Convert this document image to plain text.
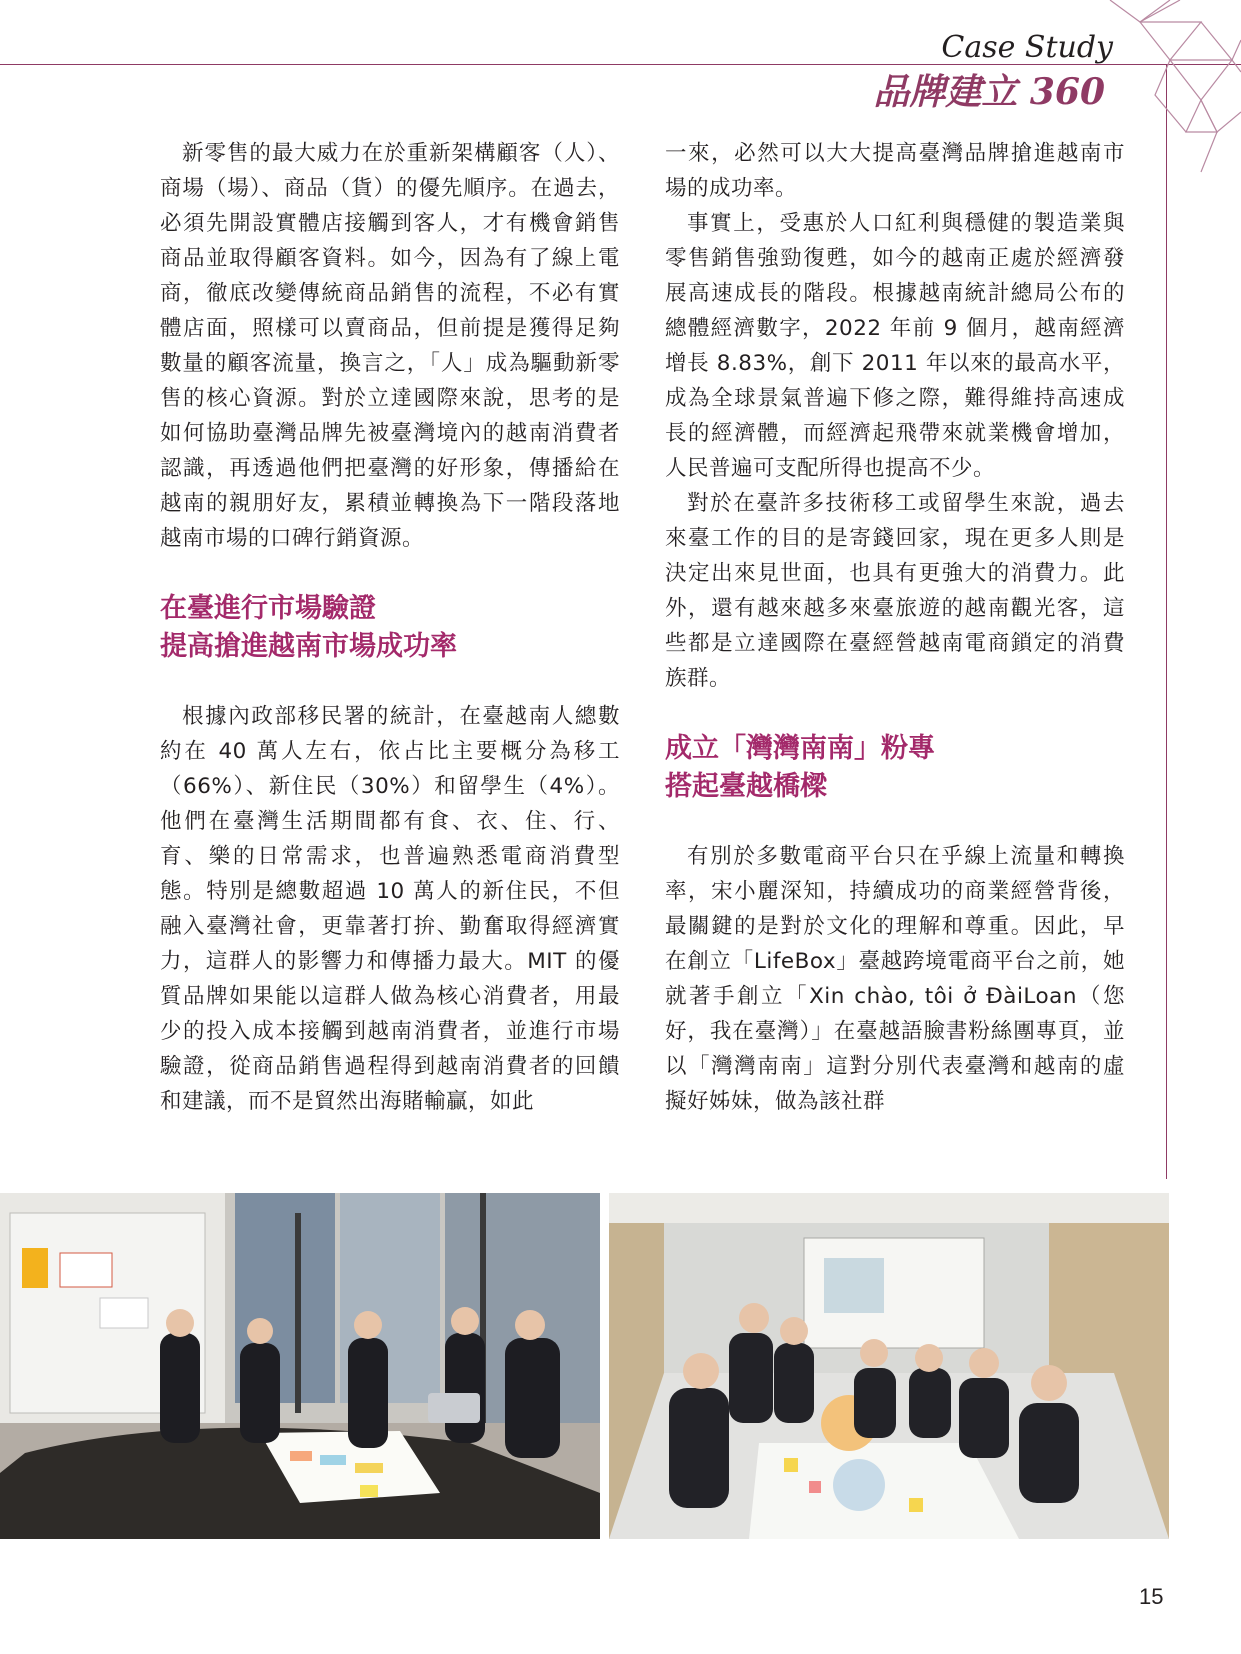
Case Study
品牌建立 360

新零售的最大威力在於重新架構顧客（人）、商場（場）、商品（貨）的優先順序。在過去，必須先開設實體店接觸到客人，才有機會銷售商品並取得顧客資料。如今，因為有了線上電商，徹底改變傳統商品銷售的流程，不必有實體店面，照樣可以賣商品，但前提是獲得足夠數量的顧客流量，換言之，「人」成為驅動新零售的核心資源。對於立達國際來說，思考的是如何協助臺灣品牌先被臺灣境內的越南消費者認識，再透過他們把臺灣的好形象，傳播給在越南的親朋好友，累積並轉換為下一階段落地越南市場的口碑行銷資源。

在臺進行市場驗證
提高搶進越南市場成功率

根據內政部移民署的統計，在臺越南人總數約在 40 萬人左右，依占比主要概分為移工（66%）、新住民（30%）和留學生（4%）。他們在臺灣生活期間都有食、衣、住、行、育、樂的日常需求，也普遍熟悉電商消費型態。特別是總數超過 10 萬人的新住民，不但融入臺灣社會，更靠著打拚、勤奮取得經濟實力，這群人的影響力和傳播力最大。MIT 的優質品牌如果能以這群人做為核心消費者，用最少的投入成本接觸到越南消費者，並進行市場驗證，從商品銷售過程得到越南消費者的回饋和建議，而不是貿然出海賭輸贏，如此

一來，必然可以大大提高臺灣品牌搶進越南市場的成功率。

事實上，受惠於人口紅利與穩健的製造業與零售銷售強勁復甦，如今的越南正處於經濟發展高速成長的階段。根據越南統計總局公布的總體經濟數字，2022 年前 9 個月，越南經濟增長 8.83%，創下 2011 年以來的最高水平，成為全球景氣普遍下修之際，難得維持高速成長的經濟體，而經濟起飛帶來就業機會增加，人民普遍可支配所得也提高不少。

對於在臺許多技術移工或留學生來說，過去來臺工作的目的是寄錢回家，現在更多人則是決定出來見世面，也具有更強大的消費力。此外，還有越來越多來臺旅遊的越南觀光客，這些都是立達國際在臺經營越南電商鎖定的消費族群。

成立「灣灣南南」粉專
搭起臺越橋樑

有別於多數電商平台只在乎線上流量和轉換率，宋小麗深知，持續成功的商業經營背後，最關鍵的是對於文化的理解和尊重。因此，早在創立「LifeBox」臺越跨境電商平台之前，她就著手創立「Xin chào, tôi ở ĐàiLoan（您好，我在臺灣）」在臺越語臉書粉絲團專頁，並以「灣灣南南」這對分別代表臺灣和越南的虛擬好姊妹，做為該社群

15
